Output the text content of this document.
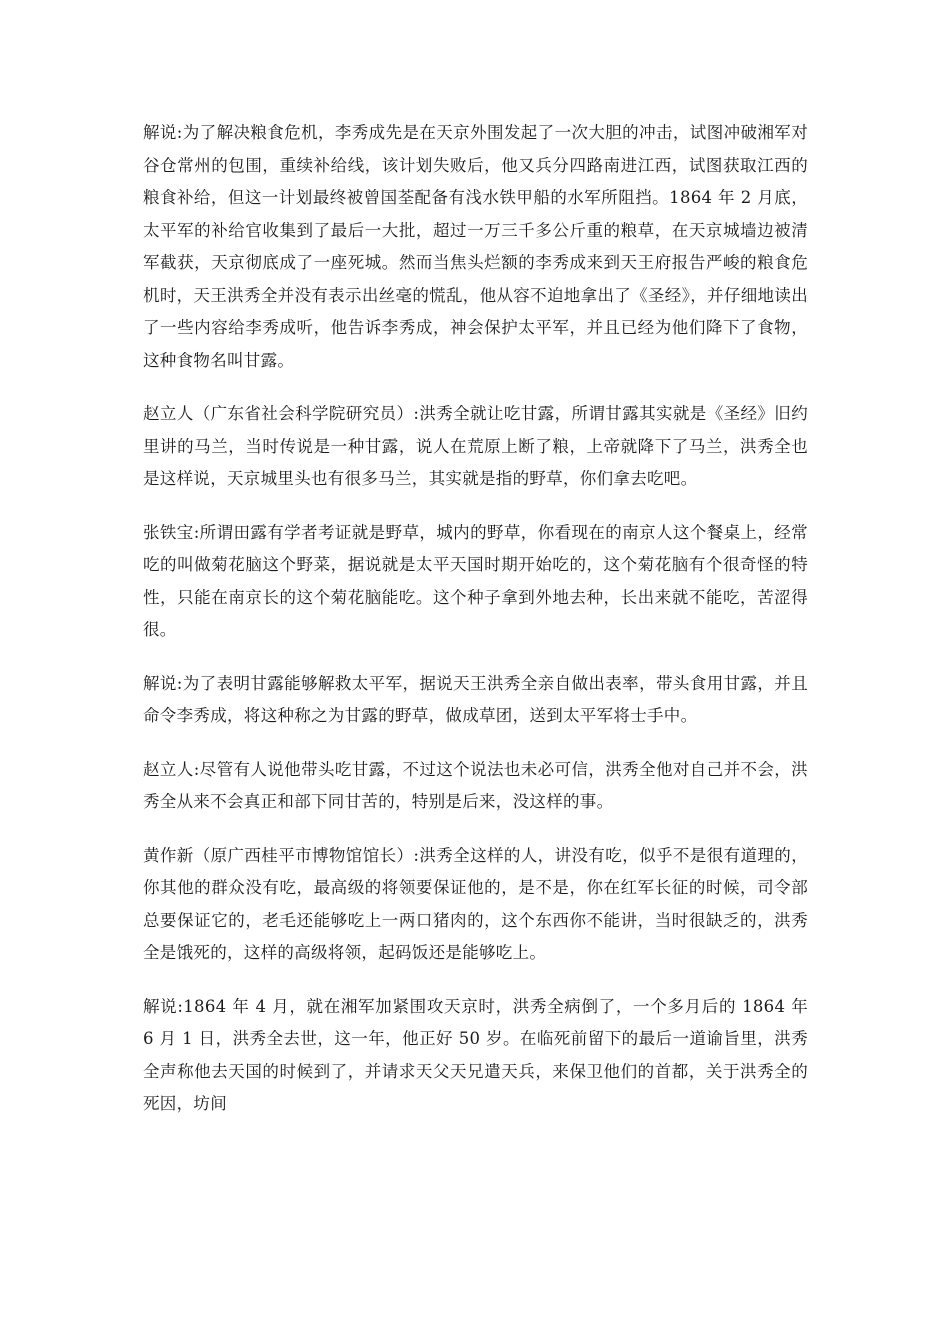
解说:为了解决粮食危机，李秀成先是在天京外围发起了一次大胆的冲击，试图冲破湘军对谷仓常州的包围，重续补给线，该计划失败后，他又兵分四路南进江西，试图获取江西的粮食补给，但这一计划最终被曾国荃配备有浅水铁甲船的水军所阻挡。1864 年 2 月底，太平军的补给官收集到了最后一大批，超过一万三千多公斤重的粮草，在天京城墙边被清军截获，天京彻底成了一座死城。然而当焦头烂额的李秀成来到天王府报告严峻的粮食危机时，天王洪秀全并没有表示出丝毫的慌乱，他从容不迫地拿出了《圣经》，并仔细地读出了一些内容给李秀成听，他告诉李秀成，神会保护太平军，并且已经为他们降下了食物，这种食物名叫甘露。

赵立人（广东省社会科学院研究员）:洪秀全就让吃甘露，所谓甘露其实就是《圣经》旧约里讲的马兰，当时传说是一种甘露，说人在荒原上断了粮，上帝就降下了马兰，洪秀全也是这样说，天京城里头也有很多马兰，其实就是指的野草，你们拿去吃吧。

张铁宝:所谓田露有学者考证就是野草，城内的野草，你看现在的南京人这个餐桌上，经常吃的叫做菊花脑这个野菜，据说就是太平天国时期开始吃的，这个菊花脑有个很奇怪的特性，只能在南京长的这个菊花脑能吃。这个种子拿到外地去种，长出来就不能吃，苦涩得很。

解说:为了表明甘露能够解救太平军，据说天王洪秀全亲自做出表率，带头食用甘露，并且命令李秀成，将这种称之为甘露的野草，做成草团，送到太平军将士手中。

赵立人:尽管有人说他带头吃甘露，不过这个说法也未必可信，洪秀全他对自己并不会，洪秀全从来不会真正和部下同甘苦的，特别是后来，没这样的事。

黄作新（原广西桂平市博物馆馆长）:洪秀全这样的人，讲没有吃，似乎不是很有道理的，你其他的群众没有吃，最高级的将领要保证他的，是不是，你在红军长征的时候，司令部总要保证它的，老毛还能够吃上一两口猪肉的，这个东西你不能讲，当时很缺乏的，洪秀全是饿死的，这样的高级将领，起码饭还是能够吃上。

解说:1864 年 4 月，就在湘军加紧围攻天京时，洪秀全病倒了，一个多月后的 1864 年 6 月 1 日，洪秀全去世，这一年，他正好 50 岁。在临死前留下的最后一道谕旨里，洪秀全声称他去天国的时候到了，并请求天父天兄遣天兵，来保卫他们的首都，关于洪秀全的死因，坊间
